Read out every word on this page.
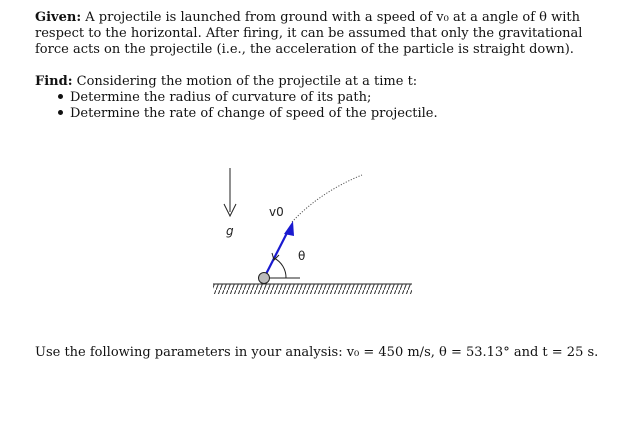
Given: A projectile is launched from ground with a speed of v₀ at a angle of θ with respect to the horizontal. After firing, it can be assumed that only the gravitational force acts on the projectile (i.e., the acceleration of the particle is straight down).
Find: Considering the motion of the projectile at a time t:
Determine the radius of curvature of its path;
Determine the rate of change of speed of the projectile.
g
v0
θ
Use the following parameters in your analysis: v₀ = 450 m/s, θ = 53.13° and t = 25 s.
